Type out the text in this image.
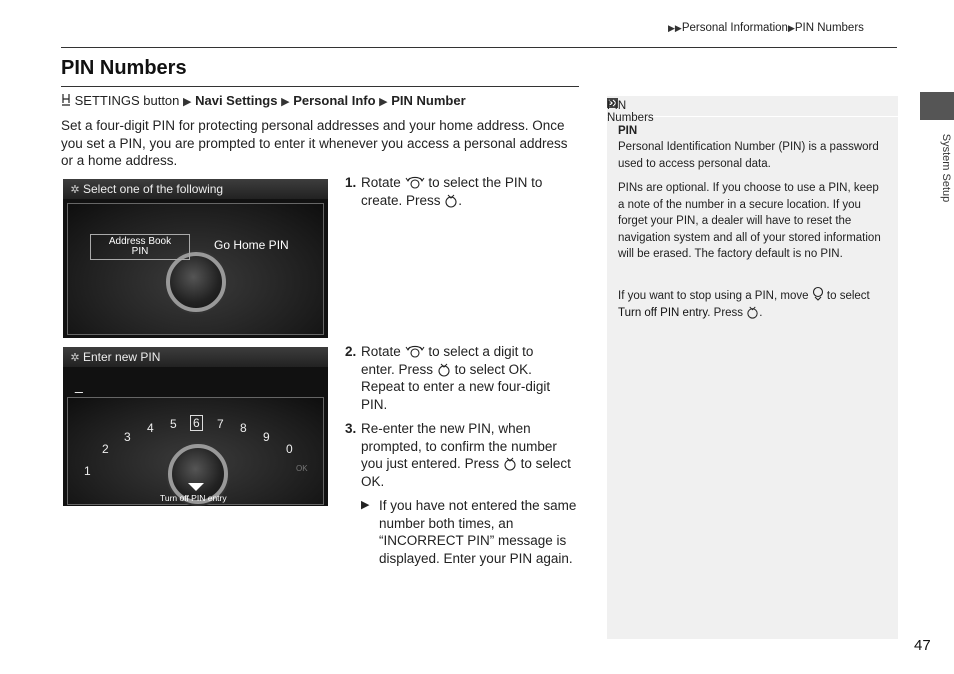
▶▶Personal Information▶PIN Numbers
PIN Numbers
SETTINGS button ▶ Navi Settings ▶ Personal Info ▶ PIN Number
Set a four-digit PIN for protecting personal addresses and your home address. Once you set a PIN, you are prompted to enter it whenever you access a personal address or a home address.
✲ Select one of the following
Address Book
PIN	Go Home PIN
✲ Enter new PIN
_
1
2
3
4 5 6 7 8
9
0
OK
Turn off PIN entry
1. Rotate to select the PIN to create. Press .
2. Rotate to select a digit to enter. Press to select OK. Repeat to enter a new four-digit PIN.
3. Re-enter the new PIN, when prompted, to confirm the number you just entered. Press to select OK.
▶ If you have not entered the same number both times, an “INCORRECT PIN” message is displayed. Enter your PIN again.
PIN Numbers
PIN
Personal Identification Number (PIN) is a password used to access personal data.
PINs are optional. If you choose to use a PIN, keep a note of the number in a secure location. If you forget your PIN, a dealer will have to reset the navigation system and all of your stored information will be erased. The factory default is no PIN.
If you want to stop using a PIN, move to select Turn off PIN entry. Press .
System Setup
47
